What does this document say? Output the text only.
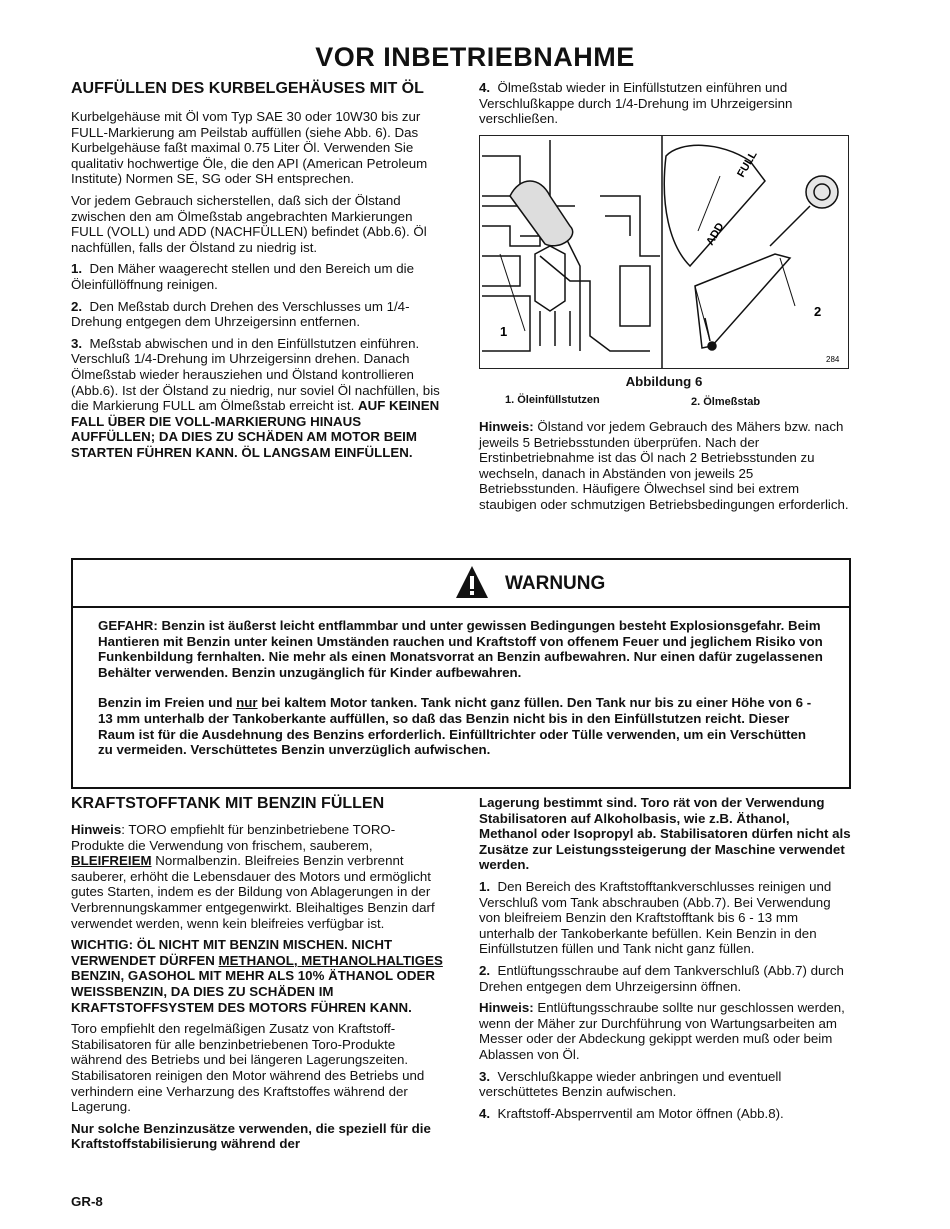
VOR INBETRIEBNAHME
AUFFÜLLEN DES KURBELGEHÄUSES MIT ÖL

Kurbelgehäuse mit Öl vom Typ SAE 30 oder 10W30 bis zur FULL-Markierung am Peilstab auffüllen (siehe Abb. 6). Das Kurbelgehäuse faßt maximal 0.75 Liter Öl. Verwenden Sie qualitativ hochwertige Öle, die den API (American Petroleum Institute) Normen SE, SG oder SH entsprechen.

Vor jedem Gebrauch sicherstellen, daß sich der Ölstand zwischen den am Ölmeßstab angebrachten Markierungen FULL (VOLL) und ADD (NACHFÜLLEN) befindet (Abb.6). Öl nachfüllen, falls der Ölstand zu niedrig ist.

1. Den Mäher waagerecht stellen und den Bereich um die Öleinfüllöffnung reinigen.

2. Den Meßstab durch Drehen des Verschlusses um 1/4-Drehung entgegen dem Uhrzeigersinn entfernen.

3. Meßstab abwischen und in den Einfüllstutzen einführen. Verschluß 1/4-Drehung im Uhrzeigersinn drehen. Danach Ölmeßstab wieder herausziehen und Ölstand kontrollieren (Abb.6). Ist der Ölstand zu niedrig, nur soviel Öl nachfüllen, bis die Markierung FULL am Ölmeßstab erreicht ist. AUF KEINEN FALL ÜBER DIE VOLL-MARKIERUNG HINAUS AUFFÜLLEN; DA DIES ZU SCHÄDEN AM MOTOR BEIM STARTEN FÜHREN KANN. ÖL LANGSAM EINFÜLLEN.

4. Ölmeßstab wieder in Einfüllstutzen einführen und Verschlußkappe durch 1/4-Drehung im Uhrzeigersinn verschließen.

FULL
ADD
1
2
284
Abbildung 6
1. Öleinfüllstutzen	2. Ölmeßstab

Hinweis: Ölstand vor jedem Gebrauch des Mähers bzw. nach jeweils 5 Betriebsstunden überprüfen. Nach der Erstinbetriebnahme ist das Öl nach 2 Betriebsstunden zu wechseln, danach in Abständen von jeweils 25 Betriebsstunden. Häufigere Ölwechsel sind bei extrem staubigen oder schmutzigen Betriebsbedingungen erforderlich.

WARNUNG

GEFAHR: Benzin ist äußerst leicht entflammbar und unter gewissen Bedingungen besteht Explosionsgefahr. Beim Hantieren mit Benzin unter keinen Umständen rauchen und Kraftstoff von offenem Feuer und jeglichem Risiko von Funkenbildung fernhalten. Nie mehr als einen Monatsvorrat an Benzin aufbewahren. Nur einen dafür zugelassenen Behälter verwenden. Benzin unzugänglich für Kinder aufbewahren.

Benzin im Freien und nur bei kaltem Motor tanken. Tank nicht ganz füllen. Den Tank nur bis zu einer Höhe von 6 - 13 mm unterhalb der Tankoberkante auffüllen, so daß das Benzin nicht bis in den Einfüllstutzen reicht. Dieser Raum ist für die Ausdehnung des Benzins erforderlich. Einfülltrichter oder Tülle verwenden, um ein Verschütten zu vermeiden. Verschüttetes Benzin unverzüglich aufwischen.

KRAFTSTOFFTANK MIT BENZIN FÜLLEN

Hinweis: TORO empfiehlt für benzinbetriebene TORO-Produkte die Verwendung von frischem, sauberem, BLEIFREIEM Normalbenzin. Bleifreies Benzin verbrennt sauberer, erhöht die Lebensdauer des Motors und ermöglicht gutes Starten, indem es der Bildung von Ablagerungen in der Verbrennungskammer entgegenwirkt. Bleihaltiges Benzin darf verwendet werden, wenn kein bleifreies verfügbar ist.

WICHTIG: ÖL NICHT MIT BENZIN MISCHEN. NICHT VERWENDET DÜRFEN METHANOL, METHANOLHALTIGES BENZIN, GASOHOL MIT MEHR ALS 10% ÄTHANOL ODER WEISSBENZIN, DA DIES ZU SCHÄDEN IM KRAFTSTOFFSYSTEM DES MOTORS FÜHREN KANN.

Toro empfiehlt den regelmäßigen Zusatz von Kraftstoff-Stabilisatoren für alle benzinbetriebenen Toro-Produkte während des Betriebs und bei längeren Lagerungszeiten. Stabilisatoren reinigen den Motor während des Betriebs und verhindern eine Verharzung des Kraftstoffes während der Lagerung.

Nur solche Benzinzusätze verwenden, die speziell für die Kraftstoffstabilisierung während der

Lagerung bestimmt sind. Toro rät von der Verwendung Stabilisatoren auf Alkoholbasis, wie z.B. Äthanol, Methanol oder Isopropyl ab. Stabilisatoren dürfen nicht als Zusätze zur Leistungssteigerung der Maschine verwendet werden.

1. Den Bereich des Kraftstofftankverschlusses reinigen und Verschluß vom Tank abschrauben (Abb.7). Bei Verwendung von bleifreiem Benzin den Kraftstofftank bis 6 - 13 mm unterhalb der Tankoberkante befüllen. Kein Benzin in den Einfüllstutzen füllen und Tank nicht ganz füllen.

2. Entlüftungsschraube auf dem Tankverschluß (Abb.7) durch Drehen entgegen dem Uhrzeigersinn öffnen.

Hinweis: Entlüftungsschraube sollte nur geschlossen werden, wenn der Mäher zur Durchführung von Wartungsarbeiten am Messer oder der Abdeckung gekippt werden muß oder beim Ablassen von Öl.

3. Verschlußkappe wieder anbringen und eventuell verschüttetes Benzin aufwischen.

4. Kraftstoff-Absperrventil am Motor öffnen (Abb.8).

GR-8
